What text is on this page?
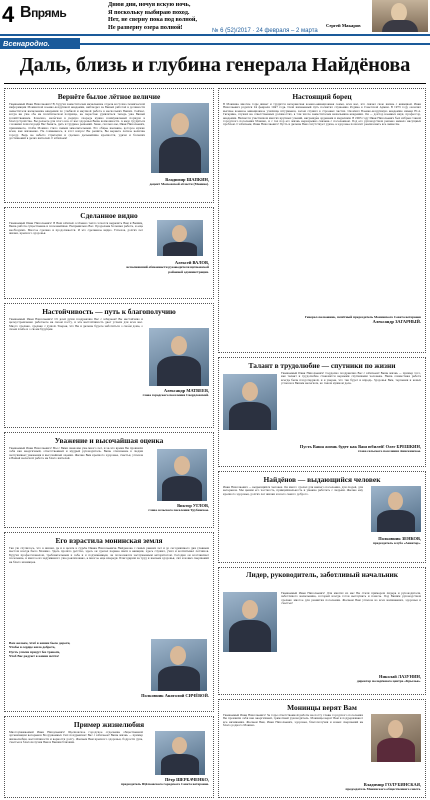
4 Впрямь
Днюя дни, ночуя вскую ночь,
Я поскольку выбираю поход.
Нет, не сверну пока под волной,
Не разверну озера полной!	Сергей Макаров
№ 6 (52)/2017 · 24 февраля – 2 марта
Всенародно.
Даль, близь и глубина генерала Найдёнова
Вернёте былое лётное величие
Уважаемый Иван Николаевич! Я, будучи заместителем начальника отдела восточно-технической информации Монинской военно-воздушной академии, наблюдал за Вашей работой в должности заместителя начальника академии по учебной и научной работе в нескольких Ваших. Сейчас, когда вы уже обе на политическом поприще, не перестаю удивляться теперь уже Вашей хозяйственным. Конечно, нелёгкая в первую очередь нужно коммунальный порядок в благоустройстве. Вы делаете для этого всё от нас здоровья Ваше возможности. А надо трудиться с новыми помоги ради Вас бывать, дать и трудные решений. Знаю, сколько вы, Иван Николаевич, принимаете, чтобы Монино стало самым замечательным. Это общее желание, которое нужно всем, как жизненно. Не сомневаюсь, и этот вопрос Вы решите, Вы вернете лётное величие городу. Ведь не забыто стратегии и сделано дальнейшие крепкости, удачи и больших достижений в делах жителей. С юбилеем!
Владимир ШАПКИН,
доцент Московской области (Монино).
Сделанное видно
Уважаемый Иван Николаевич! В Ваш юбилей особенно тепло хочется выразить Вам и Вашим. Ваша работа существенна и полезнейшая. Неправильно Вас. Проделана большая работа, и ещё необходимо. Многое сделано и продолжается. И это сделанное видно. Успехов, долгих лет жизни, крепкого здоровья.
Алексей ВАЛОВ,
исполнявший обязанности руководителя щёлковской районной администрации.
Настойчивость — путь к благополучию
Уважаемый Иван Николаевич! От всей души поздравляю Вас с юбилеем! Вы настойчиво и целеустремленно работаете на своём посту, и эта настойчивость даёт успехи для всех нас. Много сделано, сделано с душой. Уверен, что Вы и дальше будете заботиться о своём доме, о своём хлебе и о своём будущем.
Александр МАТВЕЕВ,
глава городского поселения Свердловский.
Уважение и высочайшая оценка
Уважаемый Иван Николаевич! Мы с Вами знакомы уже много лет, и за это время Вы проявили себя как энергичный, ответственный и мудрый руководитель. Ваше отношение к людям заслуживает уважения и высочайшей оценки. Желаю Вам крепкого здоровья, счастья, успехов в Вашей нелёгкой работе на благо жителей.
Виктор УГЛОВ,
глава сельского поселения Трубинское.
Его взрастила монинская земля
Так уж случилось, что в жизни, да и в целом в судьбе Ивана Николаевича Найдёнова с самых ранних лет и до сегодняшнего дня главным местом всегда было Монино. Здесь прошло детство, здесь он сделал первые шаги в авиации, здесь служил, учил и воспитывал лётчиков. Будучи профессионалом, требовательным к себе и к подчинённым, он пользовался заслуженным авторитетом. Сегодня он возглавляет поселение, и многое из задуманного уже реализовано, а многое ещё впереди. Благодарим за труд и желаем здоровья, сил и новых свершений на благо монинцев.
Вам желаем, чтоб в жизни было дороги,
Чтобы в сердце жила доброта,
Пусть успехи придут без тревоги,
Чтоб Вас радуют в жизни мечта!
Полковник Анатолий СИЧЁВОЙ.
Пример жизнелюбия
Многоуважаемый Иван Николаевич! Щёлковское городское отделение общественной организации ветеранов Вооружённых Сил поздравляет Вас с юбилеем! Ваша жизнь — пример жизнелюбия, настойчивости и верности долгу. Желаем Вам крепкого здоровья, бодрости духа, счастья и благополучия Вам и Вашим близким.
Пётр ШЕРБАЧЕНКО,
председатель Щёлковского городского Совета ветеранов.
Настоящий борец
В Монинке многие годы живёт и трудится ветеранская военно-авиационная семья, всех нас, кто связал свою жизнь с авиацией. Иван Николаевич родился 24 февраля 1947 года. Свой жизненный путь посвятил служению Родине в Советской Армии. В 1973 году окончил высшее военное авиационное училище штурманов, затем служил в строевых частях. Окончил Военно-воздушную академию имени Ю.А. Гагарина, служил на ответственных должностях, в том числе заместителем начальника академии. Он — доктор военных наук, профессор, академик. Является участником многих крупных учений, награждён орденами и медалями. В 2005 году Иван Николаевич был избран главой городского поселения Монино, и с тех пор его жизнь неразрывно связана с поселением. Под его руководством решено немало насущных проблем. С юбилеем, Иван Николаевич! Пусть и дальше Вам сопутствует удача, а здоровье позволит реализовать все замыслы.
Генерал-полковник, почётный председатель Монинского Совета ветеранов
Александр ЗАГАРНЫЙ.
Талант в трудолюбие — спутники по жизни
Уважаемый Иван Николаевич! Сердечно поздравляю Вас с юбилеем! Ваша жизнь — пример того, как талант и трудолюбие становятся верными спутниками человека. Наша совместная работа всегда была плодотворной, и я уверен, что так будет и впредь. Здоровья Вам, терпения и новых успехов в Вашем нелёгком, но таком нужном деле.
Пусть Ваша жизнь будет как Ваш юбилей! Олег БРЕШКИН,
глава сельского поселения Анискинское.
Найдёнов — выдающийся человек
Иван Николаевич — выдающийся человек. Он много сделал для нашего поселения, для людей, для ветеранов. Мы ценим его честность, принципиальность и умение работать с людьми. Желаю ему крепкого здоровья, долгих лет жизни и всего самого доброго.
Полковник ЗЕНКОВ,
председатель клуба «Авиатор».
Лидер, руководитель, заботливый начальник
Уважаемый Иван Николаевич! Для многих из нас Вы стали примером лидера и руководителя, заботливого начальника, который всегда готов выслушать и помочь. Под Вашим руководством сделано многое для развития поселения. Желаем Вам успехов во всех начинаниях, здоровья и счастья!
Николай ЛАЗУНИН,
директор молодёжного центра «Крылья».
Монинцы верят Вам
Уважаемый Иван Николаевич! За годы ответственной работы на посту главы городского поселения Вы проявили себя как энергичный, грамотный руководитель. Монинцы верят Вам и поддерживают все начинания. Желаем Вам, Иван Николаевич, здоровья, благополучия и новых свершений на благо родного Монино.
Владимир ГОЛУБИНСКАЯ,
председатель Монинского общественного совета.
